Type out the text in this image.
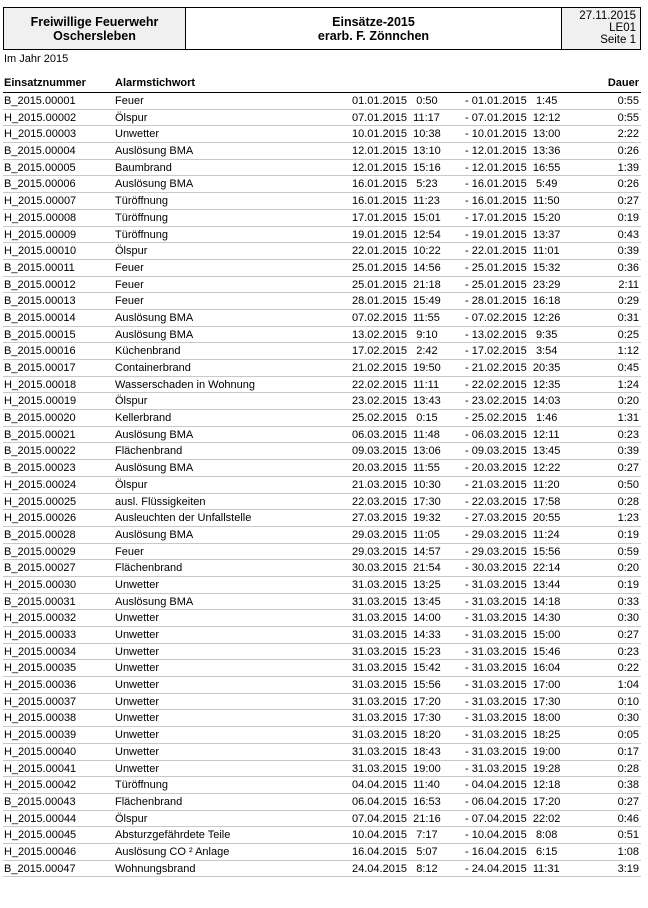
Freiwillige Feuerwehr
Oschersleben
Einsätze-2015
erarb. F. Zönnchen
27.11.2015
LE01
Seite 1
Im Jahr 2015
Einsatznummer	Alarmstichwort	Dauer
B_2015.00001	Feuer	01.01.2015   0:50	- 01.01.2015   1:45	0:55
H_2015.00002	Ölspur	07.01.2015  11:17	- 07.01.2015  12:12	0:55
H_2015.00003	Unwetter	10.01.2015  10:38	- 10.01.2015  13:00	2:22
B_2015.00004	Auslösung BMA	12.01.2015  13:10	- 12.01.2015  13:36	0:26
B_2015.00005	Baumbrand	12.01.2015  15:16	- 12.01.2015  16:55	1:39
B_2015.00006	Auslösung BMA	16.01.2015   5:23	- 16.01.2015   5:49	0:26
H_2015.00007	Türöffnung	16.01.2015  11:23	- 16.01.2015  11:50	0:27
H_2015.00008	Türöffnung	17.01.2015  15:01	- 17.01.2015  15:20	0:19
H_2015.00009	Türöffnung	19.01.2015  12:54	- 19.01.2015  13:37	0:43
H_2015.00010	Ölspur	22.01.2015  10:22	- 22.01.2015  11:01	0:39
B_2015.00011	Feuer	25.01.2015  14:56	- 25.01.2015  15:32	0:36
B_2015.00012	Feuer	25.01.2015  21:18	- 25.01.2015  23:29	2:11
B_2015.00013	Feuer	28.01.2015  15:49	- 28.01.2015  16:18	0:29
B_2015.00014	Auslösung BMA	07.02.2015  11:55	- 07.02.2015  12:26	0:31
B_2015.00015	Auslösung BMA	13.02.2015   9:10	- 13.02.2015   9:35	0:25
B_2015.00016	Küchenbrand	17.02.2015   2:42	- 17.02.2015   3:54	1:12
B_2015.00017	Containerbrand	21.02.2015  19:50	- 21.02.2015  20:35	0:45
H_2015.00018	Wasserschaden in Wohnung	22.02.2015  11:11	- 22.02.2015  12:35	1:24
H_2015.00019	Ölspur	23.02.2015  13:43	- 23.02.2015  14:03	0:20
B_2015.00020	Kellerbrand	25.02.2015   0:15	- 25.02.2015   1:46	1:31
B_2015.00021	Auslösung BMA	06.03.2015  11:48	- 06.03.2015  12:11	0:23
B_2015.00022	Flächenbrand	09.03.2015  13:06	- 09.03.2015  13:45	0:39
B_2015.00023	Auslösung BMA	20.03.2015  11:55	- 20.03.2015  12:22	0:27
H_2015.00024	Ölspur	21.03.2015  10:30	- 21.03.2015  11:20	0:50
H_2015.00025	ausl. Flüssigkeiten	22.03.2015  17:30	- 22.03.2015  17:58	0:28
H_2015.00026	Ausleuchten der Unfallstelle	27.03.2015  19:32	- 27.03.2015  20:55	1:23
B_2015.00028	Auslösung BMA	29.03.2015  11:05	- 29.03.2015  11:24	0:19
B_2015.00029	Feuer	29.03.2015  14:57	- 29.03.2015  15:56	0:59
B_2015.00027	Flächenbrand	30.03.2015  21:54	- 30.03.2015  22:14	0:20
H_2015.00030	Unwetter	31.03.2015  13:25	- 31.03.2015  13:44	0:19
B_2015.00031	Auslösung BMA	31.03.2015  13:45	- 31.03.2015  14:18	0:33
H_2015.00032	Unwetter	31.03.2015  14:00	- 31.03.2015  14:30	0:30
H_2015.00033	Unwetter	31.03.2015  14:33	- 31.03.2015  15:00	0:27
H_2015.00034	Unwetter	31.03.2015  15:23	- 31.03.2015  15:46	0:23
H_2015.00035	Unwetter	31.03.2015  15:42	- 31.03.2015  16:04	0:22
H_2015.00036	Unwetter	31.03.2015  15:56	- 31.03.2015  17:00	1:04
H_2015.00037	Unwetter	31.03.2015  17:20	- 31.03.2015  17:30	0:10
H_2015.00038	Unwetter	31.03.2015  17:30	- 31.03.2015  18:00	0:30
H_2015.00039	Unwetter	31.03.2015  18:20	- 31.03.2015  18:25	0:05
H_2015.00040	Unwetter	31.03.2015  18:43	- 31.03.2015  19:00	0:17
H_2015.00041	Unwetter	31.03.2015  19:00	- 31.03.2015  19:28	0:28
H_2015.00042	Türöffnung	04.04.2015  11:40	- 04.04.2015  12:18	0:38
B_2015.00043	Flächenbrand	06.04.2015  16:53	- 06.04.2015  17:20	0:27
H_2015.00044	Ölspur	07.04.2015  21:16	- 07.04.2015  22:02	0:46
H_2015.00045	Absturzgefährdete Teile	10.04.2015   7:17	- 10.04.2015   8:08	0:51
H_2015.00046	Auslösung CO ² Anlage	16.04.2015   5:07	- 16.04.2015   6:15	1:08
B_2015.00047	Wohnungsbrand	24.04.2015   8:12	- 24.04.2015  11:31	3:19
